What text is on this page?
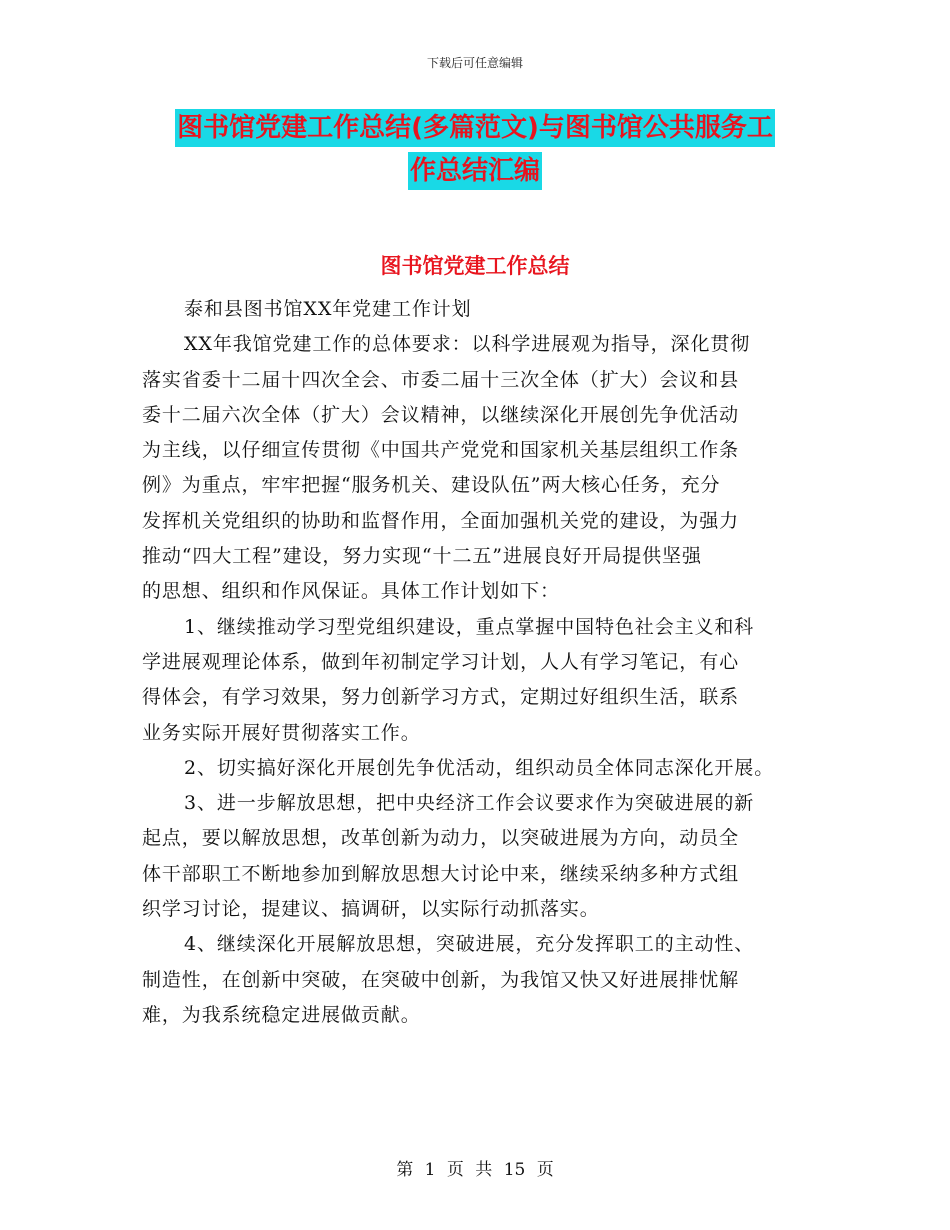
下载后可任意编辑
图书馆党建工作总结(多篇范文)与图书馆公共服务工
作总结汇编
图书馆党建工作总结
泰和县图书馆XX年党建工作计划
XX年我馆党建工作的总体要求：以科学进展观为指导，深化贯彻
落实省委十二届十四次全会、市委二届十三次全体（扩大）会议和县
委十二届六次全体（扩大）会议精神，以继续深化开展创先争优活动
为主线，以仔细宣传贯彻《中国共产党党和国家机关基层组织工作条
例》为重点，牢牢把握“服务机关、建设队伍”两大核心任务，充分
发挥机关党组织的协助和监督作用，全面加强机关党的建设，为强力
推动“四大工程”建设，努力实现“十二五”进展良好开局提供坚强
的思想、组织和作风保证。具体工作计划如下：
1、继续推动学习型党组织建设，重点掌握中国特色社会主义和科
学进展观理论体系，做到年初制定学习计划，人人有学习笔记，有心
得体会，有学习效果，努力创新学习方式，定期过好组织生活，联系
业务实际开展好贯彻落实工作。
2、切实搞好深化开展创先争优活动，组织动员全体同志深化开展。
3、进一步解放思想，把中央经济工作会议要求作为突破进展的新
起点，要以解放思想，改革创新为动力，以突破进展为方向，动员全
体干部职工不断地参加到解放思想大讨论中来，继续采纳多种方式组
织学习讨论，提建议、搞调研，以实际行动抓落实。
4、继续深化开展解放思想，突破进展，充分发挥职工的主动性、
制造性，在创新中突破，在突破中创新，为我馆又快又好进展排忧解
难，为我系统稳定进展做贡献。
第 1 页 共 15 页
